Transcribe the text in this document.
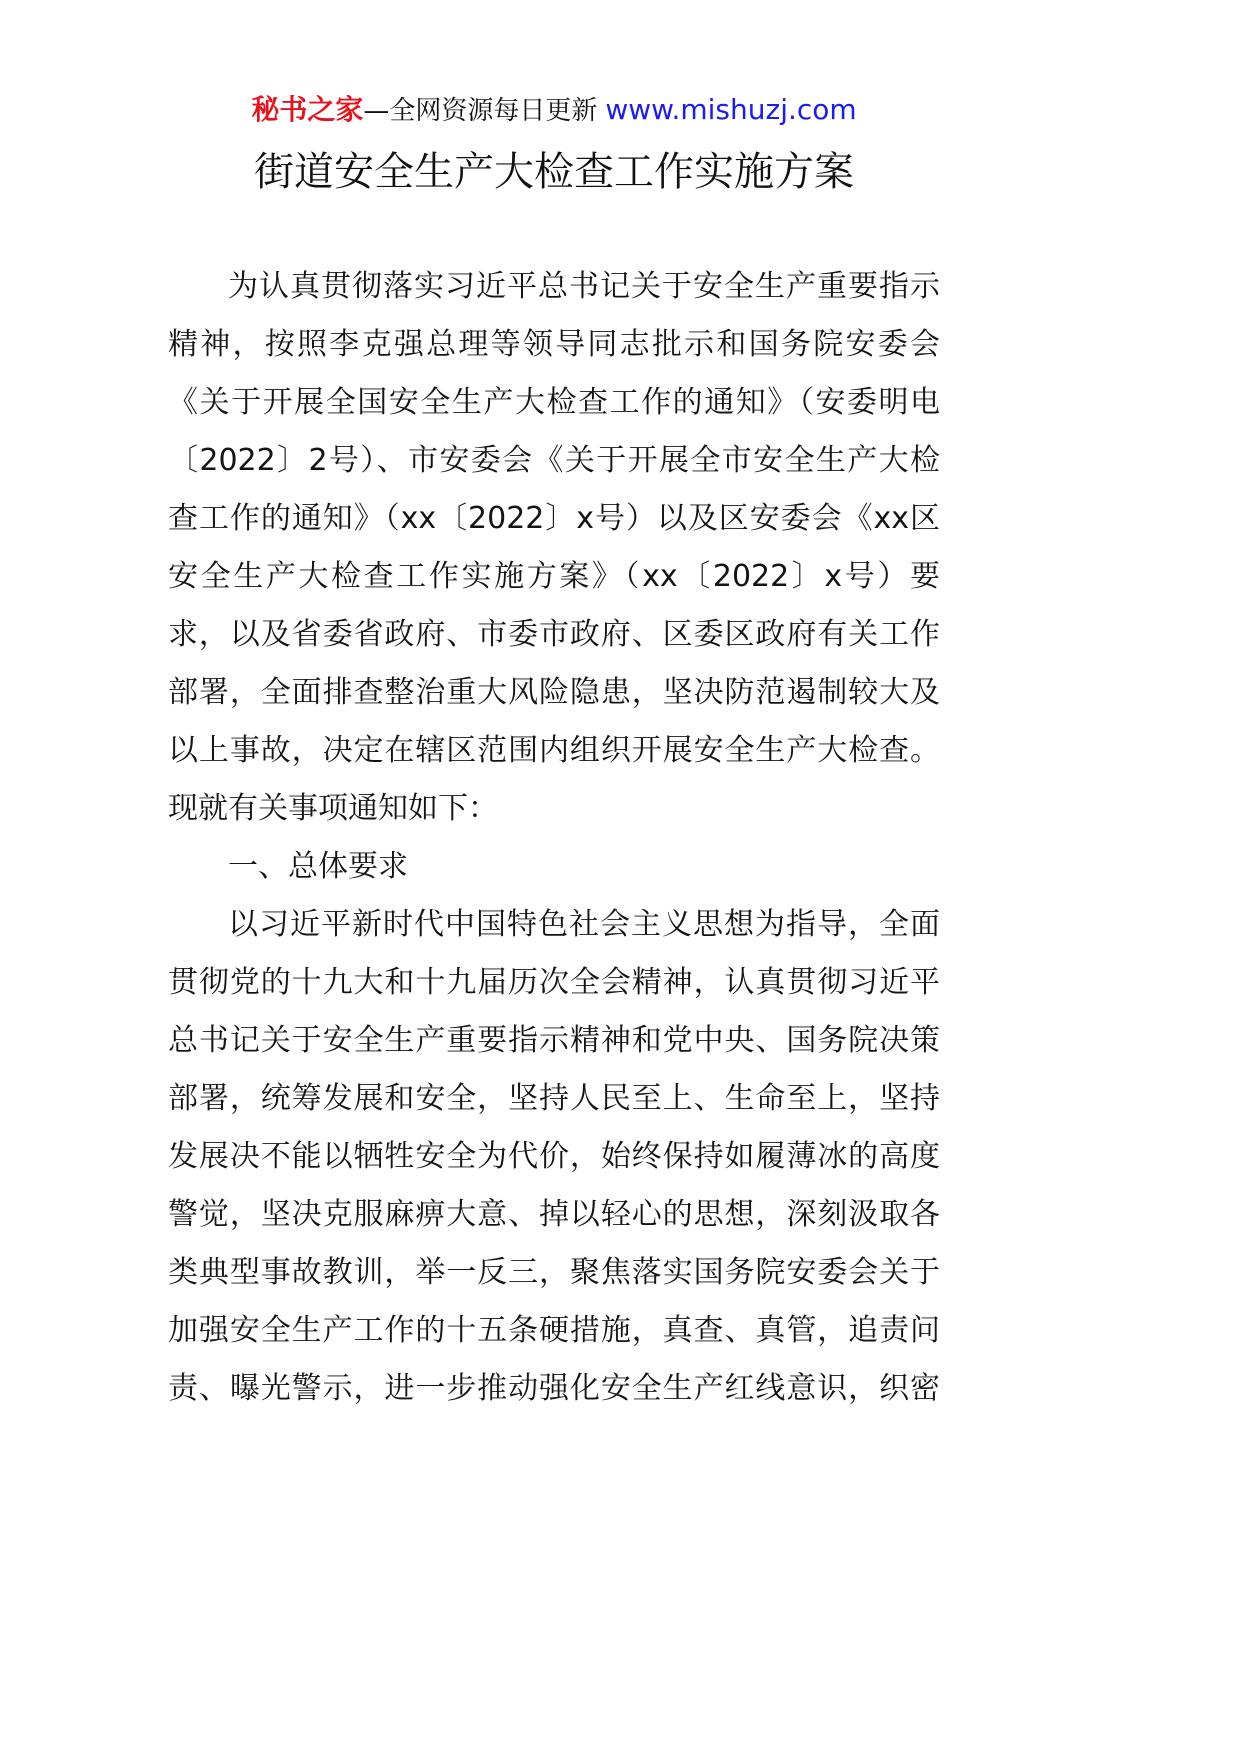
秘书之家—全网资源每日更新 www.mishuzj.com
街道安全生产大检查工作实施方案
为认真贯彻落实习近平总书记关于安全生产重要指示
精神，按照李克强总理等领导同志批示和国务院安委会
《关于开展全国安全生产大检查工作的通知》（安委明电
〔2022〕2号）、市安委会《关于开展全市安全生产大检
查工作的通知》（xx〔2022〕x号）以及区安委会《xx区
安全生产大检查工作实施方案》（xx〔2022〕x号）要
求，以及省委省政府、市委市政府、区委区政府有关工作
部署，全面排查整治重大风险隐患，坚决防范遏制较大及
以上事故，决定在辖区范围内组织开展安全生产大检查。
现就有关事项通知如下：
一、总体要求
以习近平新时代中国特色社会主义思想为指导，全面
贯彻党的十九大和十九届历次全会精神，认真贯彻习近平
总书记关于安全生产重要指示精神和党中央、国务院决策
部署，统筹发展和安全，坚持人民至上、生命至上，坚持
发展决不能以牺牲安全为代价，始终保持如履薄冰的高度
警觉，坚决克服麻痹大意、掉以轻心的思想，深刻汲取各
类典型事故教训，举一反三，聚焦落实国务院安委会关于
加强安全生产工作的十五条硬措施，真查、真管，追责问
责、曝光警示，进一步推动强化安全生产红线意识，织密
